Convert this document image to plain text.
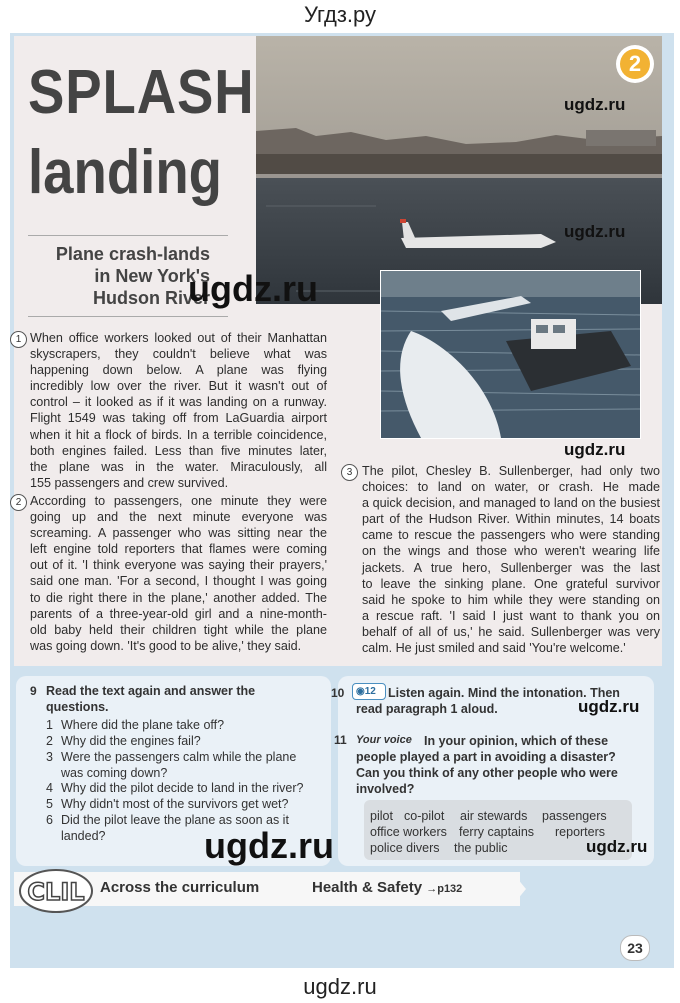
Угдз.ру
SPLASH
landing
Plane crash-lands
in New York's
Hudson River
2
1 When office workers looked out of their Manhattan
skyscrapers, they couldn't believe what was
happening down below. A plane was flying
incredibly low over the river. But it wasn't out of
control – it looked as if it was landing on a runway.
Flight 1549 was taking off from LaGuardia airport
when it hit a flock of birds. In a terrible coincidence,
both engines failed. Less than five minutes later,
the plane was in the water. Miraculously, all
155 passengers and crew survived.
2 According to passengers, one minute they were
going up and the next minute everyone was
screaming. A passenger who was sitting near the
left engine told reporters that flames were coming
out of it. 'I think everyone was saying their prayers,'
said one man. 'For a second, I thought I was going
to die right there in the plane,' another added. The
parents of a three-year-old girl and a nine-month-
old baby held their children tight while the plane
was going down. 'It's good to be alive,' they said.
3 The pilot, Chesley B. Sullenberger, had only two
choices: to land on water, or crash. He made
a quick decision, and managed to land on the busiest
part of the Hudson River. Within minutes, 14 boats
came to rescue the passengers who were standing
on the wings and those who weren't wearing life
jackets. A true hero, Sullenberger was the last
to leave the sinking plane. One grateful survivor
said he spoke to him while they were standing on
a rescue raft. 'I said I just want to thank you on
behalf of all of us,' he said. Sullenberger was very
calm. He just smiled and said 'You're welcome.'
9 Read the text again and answer the
questions.
1 Where did the plane take off?
2 Why did the engines fail?
3 Were the passengers calm while the plane
was coming down?
4 Why did the pilot decide to land in the river?
5 Why didn't most of the survivors get wet?
6 Did the pilot leave the plane as soon as it
landed?
10	◉12 Listen again. Mind the intonation. Then
read paragraph 1 aloud.
11 Your voice In your opinion, which of these
people played a part in avoiding a disaster?
Can you think of any other people who were
involved?
pilot co-pilot air stewards passengers
office workers ferry captains reporters
police divers the public
CLIL Across the curriculum	Health & Safety →p132
23
ugdz.ru
ugdz.ru
ugdz.ru
ugdz.ru
ugdz.ru
ugdz.ru
ugdz.ru
ugdz.ru
